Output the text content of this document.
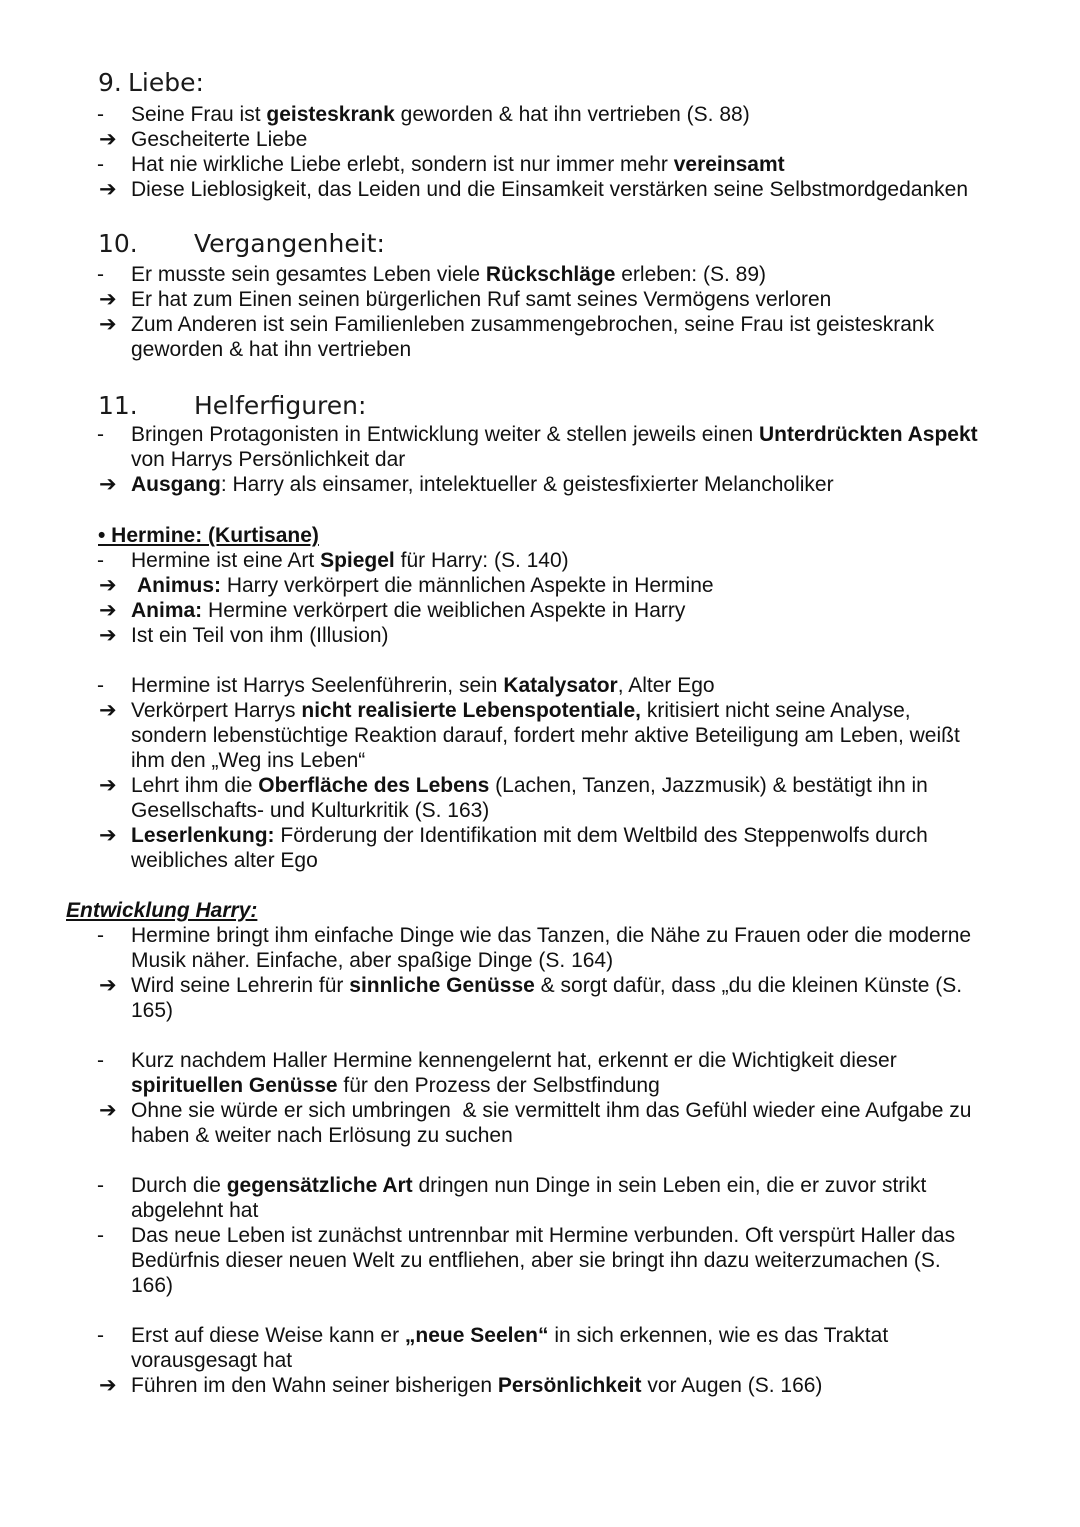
9. Liebe:
-	Seine Frau ist geisteskrank geworden & hat ihn vertrieben (S. 88)
➔ Gescheiterte Liebe
-	Hat nie wirkliche Liebe erlebt, sondern ist nur immer mehr vereinsamt
➔ Diese Lieblosigkeit, das Leiden und die Einsamkeit verstärken seine Selbstmordgedanken
10. Vergangenheit:
-	Er musste sein gesamtes Leben viele Rückschläge erleben: (S. 89)
➔ Er hat zum Einen seinen bürgerlichen Ruf samt seines Vermögens verloren
➔ Zum Anderen ist sein Familienleben zusammengebrochen, seine Frau ist geisteskrank
geworden & hat ihn vertrieben
11. Helferfiguren:
-	Bringen Protagonisten in Entwicklung weiter & stellen jeweils einen Unterdrückten Aspekt
von Harrys Persönlichkeit dar
➔ Ausgang: Harry als einsamer, intelektueller & geistesfixierter Melancholiker
• Hermine: (Kurtisane)
-	Hermine ist eine Art Spiegel für Harry: (S. 140)
➔ Animus: Harry verkörpert die männlichen Aspekte in Hermine
➔ Anima: Hermine verkörpert die weiblichen Aspekte in Harry
➔ Ist ein Teil von ihm (Illusion)
-	Hermine ist Harrys Seelenführerin, sein Katalysator, Alter Ego
➔ Verkörpert Harrys nicht realisierte Lebenspotentiale, kritisiert nicht seine Analyse,
sondern lebenstüchtige Reaktion darauf, fordert mehr aktive Beteiligung am Leben, weißt
ihm den „Weg ins Leben“
➔ Lehrt ihm die Oberfläche des Lebens (Lachen, Tanzen, Jazzmusik) & bestätigt ihn in
Gesellschafts- und Kulturkritik (S. 163)
➔ Leserlenkung: Förderung der Identifikation mit dem Weltbild des Steppenwolfs durch
weibliches alter Ego
Entwicklung Harry:
-	Hermine bringt ihm einfache Dinge wie das Tanzen, die Nähe zu Frauen oder die moderne
Musik näher. Einfache, aber spaßige Dinge (S. 164)
➔ Wird seine Lehrerin für sinnliche Genüsse & sorgt dafür, dass „du die kleinen Künste (S.
165)
-	Kurz nachdem Haller Hermine kennengelernt hat, erkennt er die Wichtigkeit dieser
spirituellen Genüsse für den Prozess der Selbstfindung
➔ Ohne sie würde er sich umbringen  & sie vermittelt ihm das Gefühl wieder eine Aufgabe zu
haben & weiter nach Erlösung zu suchen
-	Durch die gegensätzliche Art dringen nun Dinge in sein Leben ein, die er zuvor strikt
abgelehnt hat
-	Das neue Leben ist zunächst untrennbar mit Hermine verbunden. Oft verspürt Haller das
Bedürfnis dieser neuen Welt zu entfliehen, aber sie bringt ihn dazu weiterzumachen (S.
166)
-	Erst auf diese Weise kann er „neue Seelen“ in sich erkennen, wie es das Traktat
vorausgesagt hat
➔ Führen im den Wahn seiner bisherigen Persönlichkeit vor Augen (S. 166)
